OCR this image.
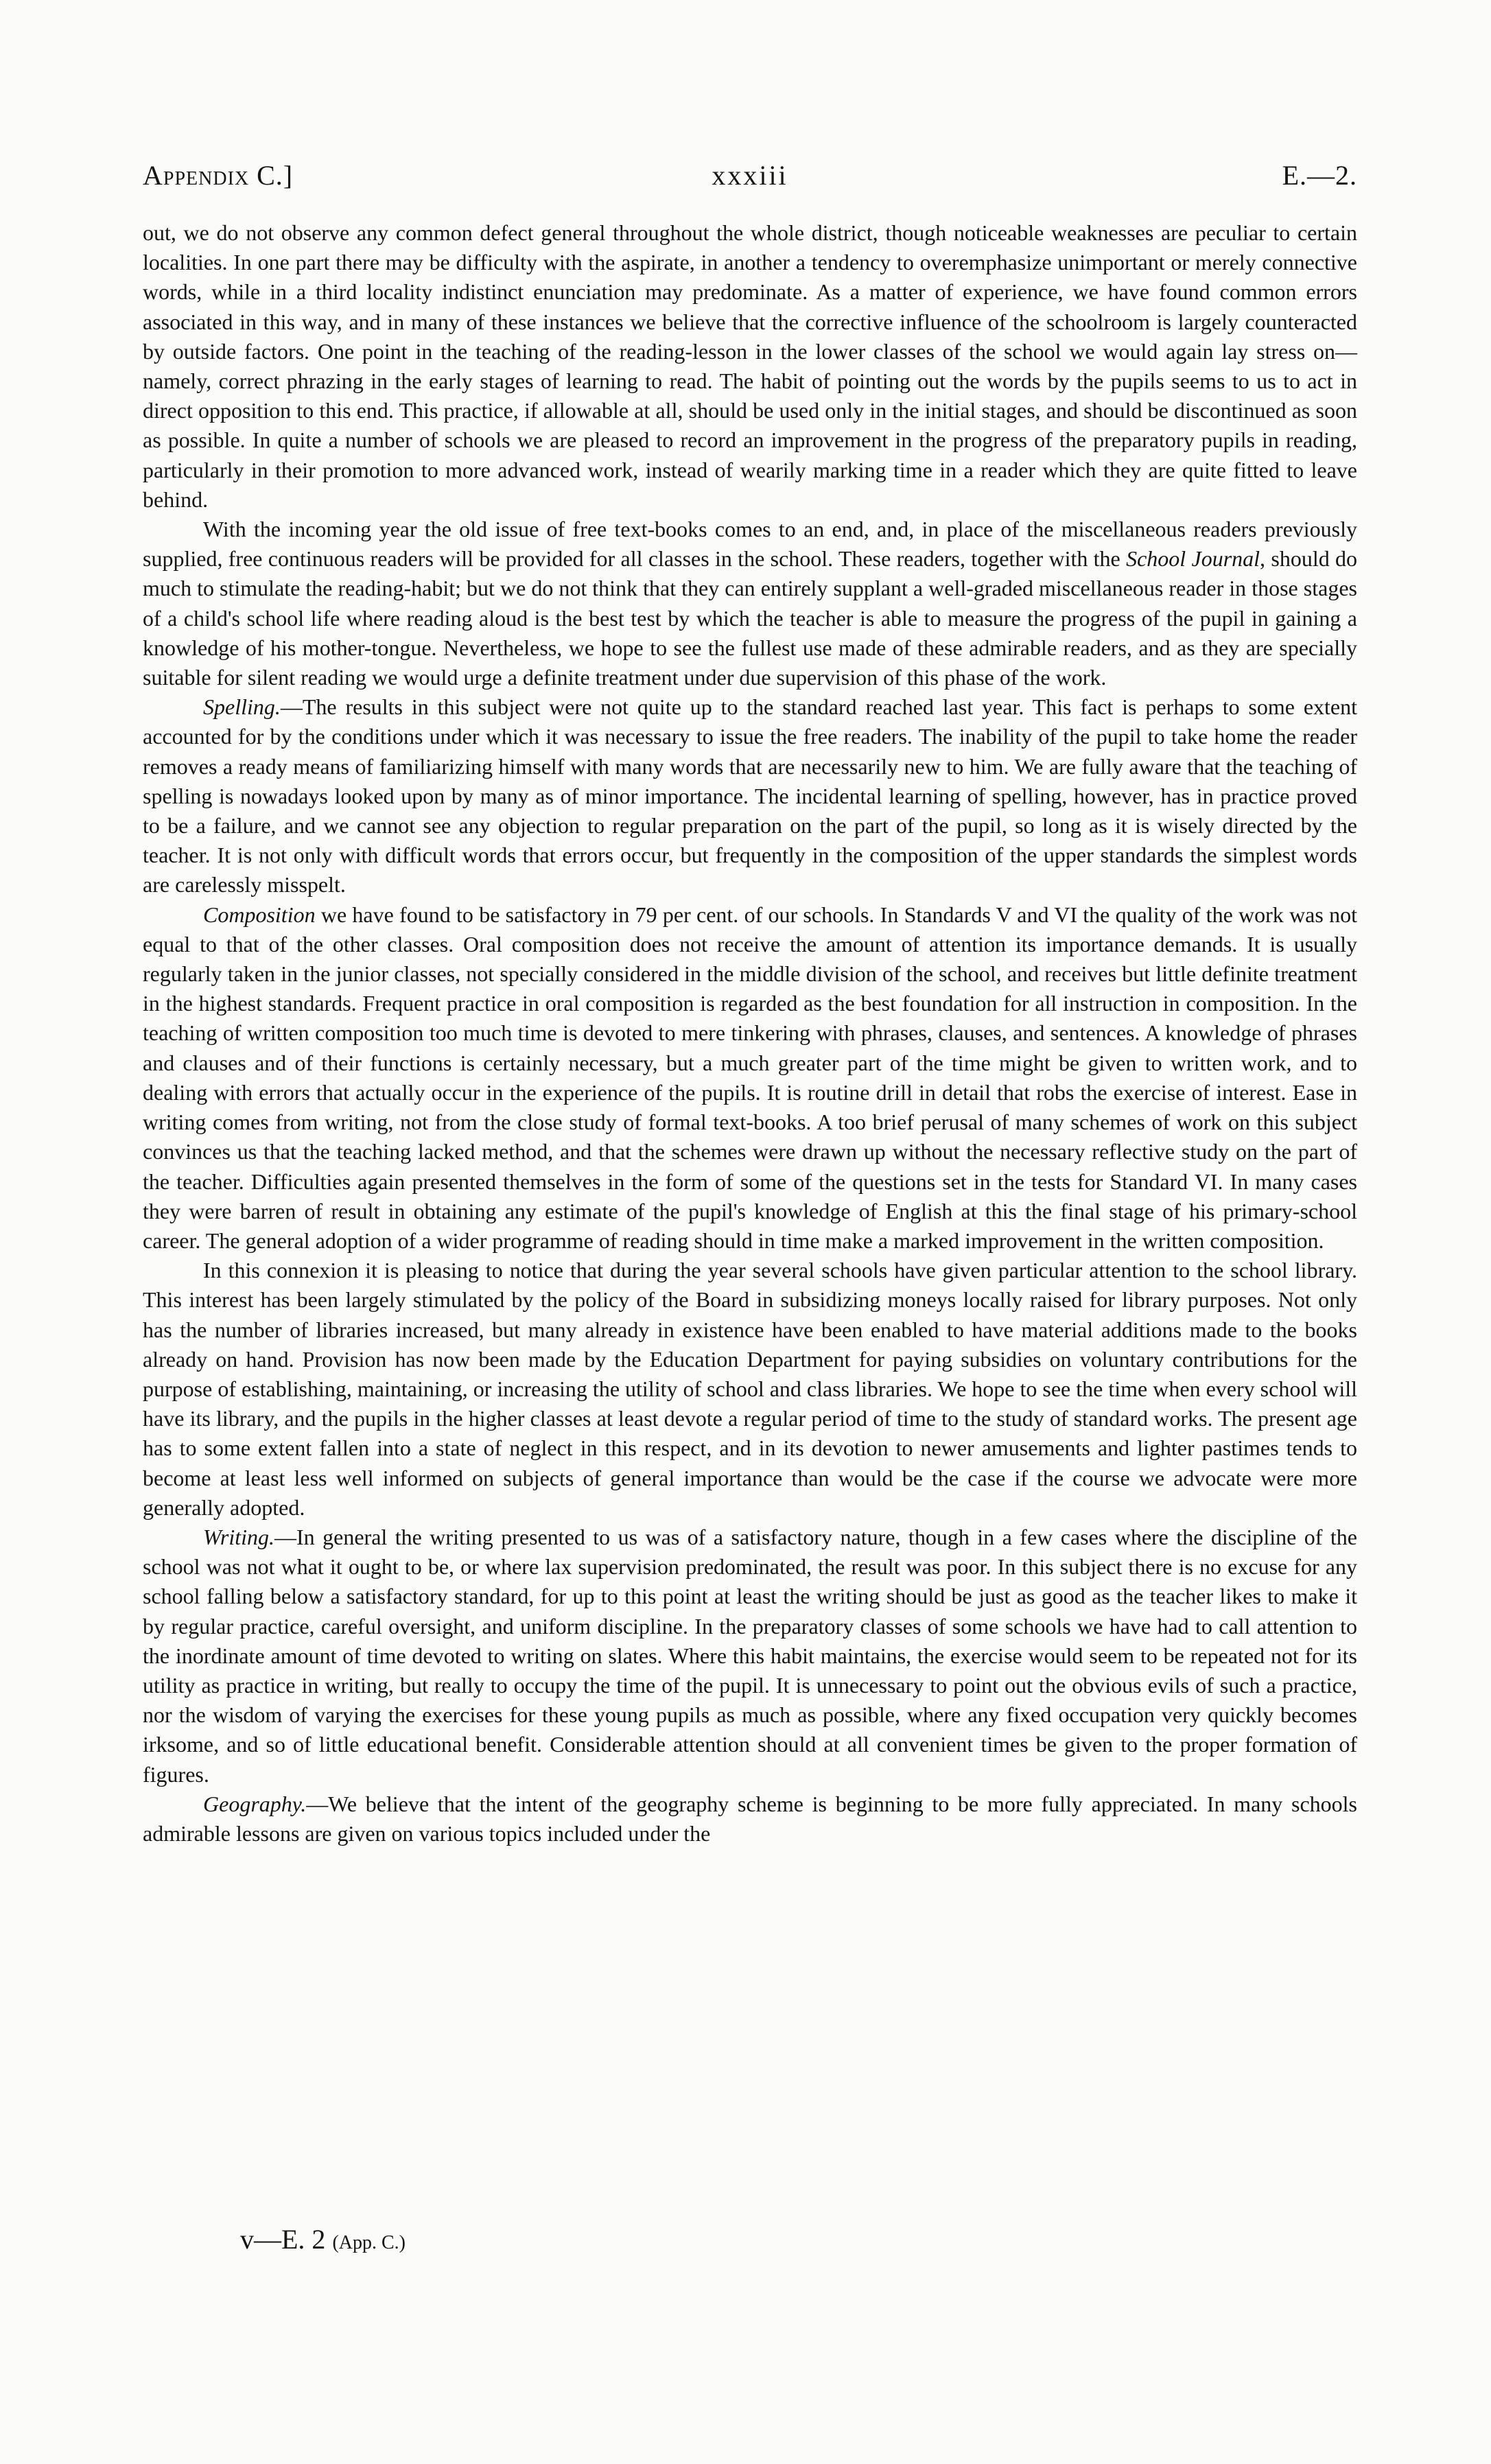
Appendix C.]	xxxiii	E.—2.

out, we do not observe any common defect general throughout the whole district, though noticeable weaknesses are peculiar to certain localities. In one part there may be difficulty with the aspirate, in another a tendency to overemphasize unimportant or merely connective words, while in a third locality indistinct enunciation may predominate. As a matter of experience, we have found common errors associated in this way, and in many of these instances we believe that the corrective influence of the schoolroom is largely counteracted by outside factors. One point in the teaching of the reading-lesson in the lower classes of the school we would again lay stress on—namely, correct phrazing in the early stages of learning to read. The habit of pointing out the words by the pupils seems to us to act in direct opposition to this end. This practice, if allowable at all, should be used only in the initial stages, and should be discontinued as soon as possible. In quite a number of schools we are pleased to record an improvement in the progress of the preparatory pupils in reading, particularly in their promotion to more advanced work, instead of wearily marking time in a reader which they are quite fitted to leave behind.

With the incoming year the old issue of free text-books comes to an end, and, in place of the miscellaneous readers previously supplied, free continuous readers will be provided for all classes in the school. These readers, together with the School Journal, should do much to stimulate the reading-habit; but we do not think that they can entirely supplant a well-graded miscellaneous reader in those stages of a child's school life where reading aloud is the best test by which the teacher is able to measure the progress of the pupil in gaining a knowledge of his mother-tongue. Nevertheless, we hope to see the fullest use made of these admirable readers, and as they are specially suitable for silent reading we would urge a definite treatment under due supervision of this phase of the work.

Spelling.—The results in this subject were not quite up to the standard reached last year. This fact is perhaps to some extent accounted for by the conditions under which it was necessary to issue the free readers. The inability of the pupil to take home the reader removes a ready means of familiarizing himself with many words that are necessarily new to him. We are fully aware that the teaching of spelling is nowadays looked upon by many as of minor importance. The incidental learning of spelling, however, has in practice proved to be a failure, and we cannot see any objection to regular preparation on the part of the pupil, so long as it is wisely directed by the teacher. It is not only with difficult words that errors occur, but frequently in the composition of the upper standards the simplest words are carelessly misspelt.

Composition we have found to be satisfactory in 79 per cent. of our schools. In Standards V and VI the quality of the work was not equal to that of the other classes. Oral composition does not receive the amount of attention its importance demands. It is usually regularly taken in the junior classes, not specially considered in the middle division of the school, and receives but little definite treatment in the highest standards. Frequent practice in oral composition is regarded as the best foundation for all instruction in composition. In the teaching of written composition too much time is devoted to mere tinkering with phrases, clauses, and sentences. A knowledge of phrases and clauses and of their functions is certainly necessary, but a much greater part of the time might be given to written work, and to dealing with errors that actually occur in the experience of the pupils. It is routine drill in detail that robs the exercise of interest. Ease in writing comes from writing, not from the close study of formal text-books. A too brief perusal of many schemes of work on this subject convinces us that the teaching lacked method, and that the schemes were drawn up without the necessary reflective study on the part of the teacher. Difficulties again presented themselves in the form of some of the questions set in the tests for Standard VI. In many cases they were barren of result in obtaining any estimate of the pupil's knowledge of English at this the final stage of his primary-school career. The general adoption of a wider programme of reading should in time make a marked improvement in the written composition.

In this connexion it is pleasing to notice that during the year several schools have given particular attention to the school library. This interest has been largely stimulated by the policy of the Board in subsidizing moneys locally raised for library purposes. Not only has the number of libraries increased, but many already in existence have been enabled to have material additions made to the books already on hand. Provision has now been made by the Education Department for paying subsidies on voluntary contributions for the purpose of establishing, maintaining, or increasing the utility of school and class libraries. We hope to see the time when every school will have its library, and the pupils in the higher classes at least devote a regular period of time to the study of standard works. The present age has to some extent fallen into a state of neglect in this respect, and in its devotion to newer amusements and lighter pastimes tends to become at least less well informed on subjects of general importance than would be the case if the course we advocate were more generally adopted.

Writing.—In general the writing presented to us was of a satisfactory nature, though in a few cases where the discipline of the school was not what it ought to be, or where lax supervision predominated, the result was poor. In this subject there is no excuse for any school falling below a satisfactory standard, for up to this point at least the writing should be just as good as the teacher likes to make it by regular practice, careful oversight, and uniform discipline. In the preparatory classes of some schools we have had to call attention to the inordinate amount of time devoted to writing on slates. Where this habit maintains, the exercise would seem to be repeated not for its utility as practice in writing, but really to occupy the time of the pupil. It is unnecessary to point out the obvious evils of such a practice, nor the wisdom of varying the exercises for these young pupils as much as possible, where any fixed occupation very quickly becomes irksome, and so of little educational benefit. Considerable attention should at all convenient times be given to the proper formation of figures.

Geography.—We believe that the intent of the geography scheme is beginning to be more fully appreciated. In many schools admirable lessons are given on various topics included under the

v—E. 2 (App. C.)
